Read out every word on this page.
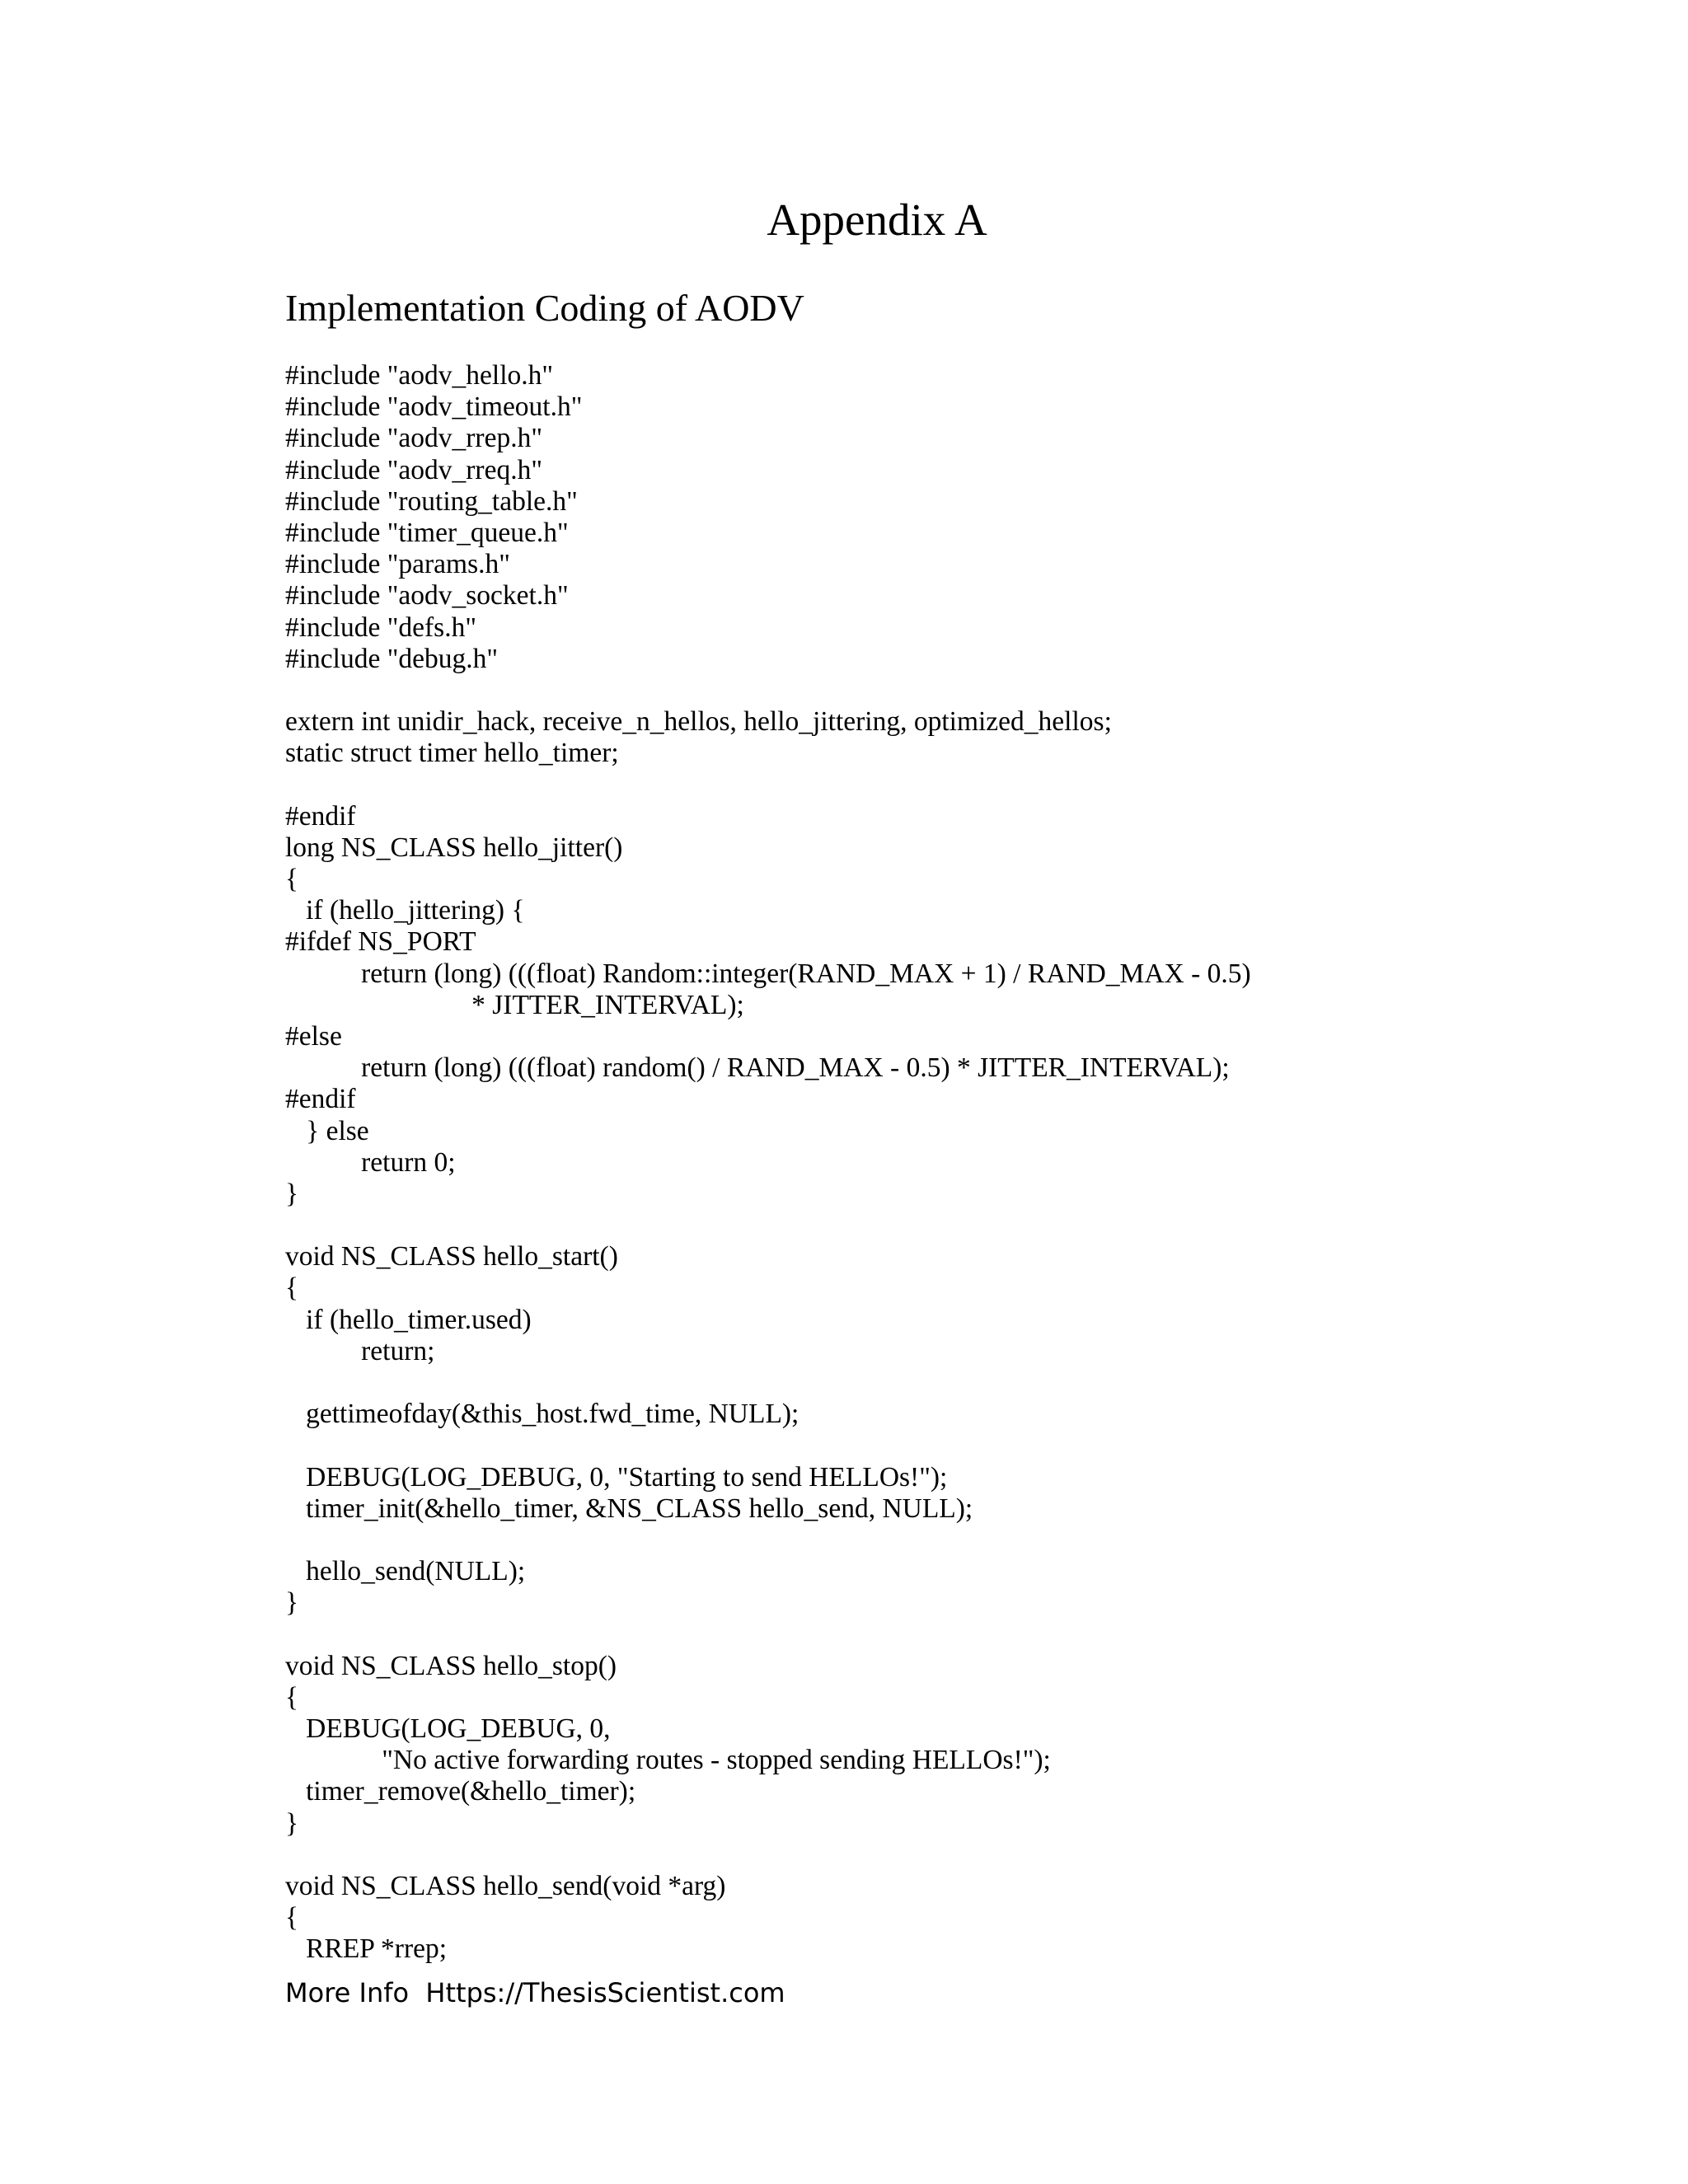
Appendix A
Implementation Coding of AODV
#include "aodv_hello.h"
#include "aodv_timeout.h"
#include "aodv_rrep.h"
#include "aodv_rreq.h"
#include "routing_table.h"
#include "timer_queue.h"
#include "params.h"
#include "aodv_socket.h"
#include "defs.h"
#include "debug.h"
extern int unidir_hack, receive_n_hellos, hello_jittering, optimized_hellos;
static struct timer hello_timer;
#endif
long NS_CLASS hello_jitter()
{
if (hello_jittering) {
#ifdef NS_PORT
return (long) (((float) Random::integer(RAND_MAX + 1) / RAND_MAX - 0.5)
* JITTER_INTERVAL);
#else
return (long) (((float) random() / RAND_MAX - 0.5) * JITTER_INTERVAL);
#endif
} else
return 0;
}
void NS_CLASS hello_start()
{
if (hello_timer.used)
return;
gettimeofday(&this_host.fwd_time, NULL);
DEBUG(LOG_DEBUG, 0, "Starting to send HELLOs!");
timer_init(&hello_timer, &NS_CLASS hello_send, NULL);
hello_send(NULL);
}
void NS_CLASS hello_stop()
{
DEBUG(LOG_DEBUG, 0,
"No active forwarding routes - stopped sending HELLOs!");
timer_remove(&hello_timer);
}
void NS_CLASS hello_send(void *arg)
{
RREP *rrep;
More Info  Https://ThesisScientist.com
